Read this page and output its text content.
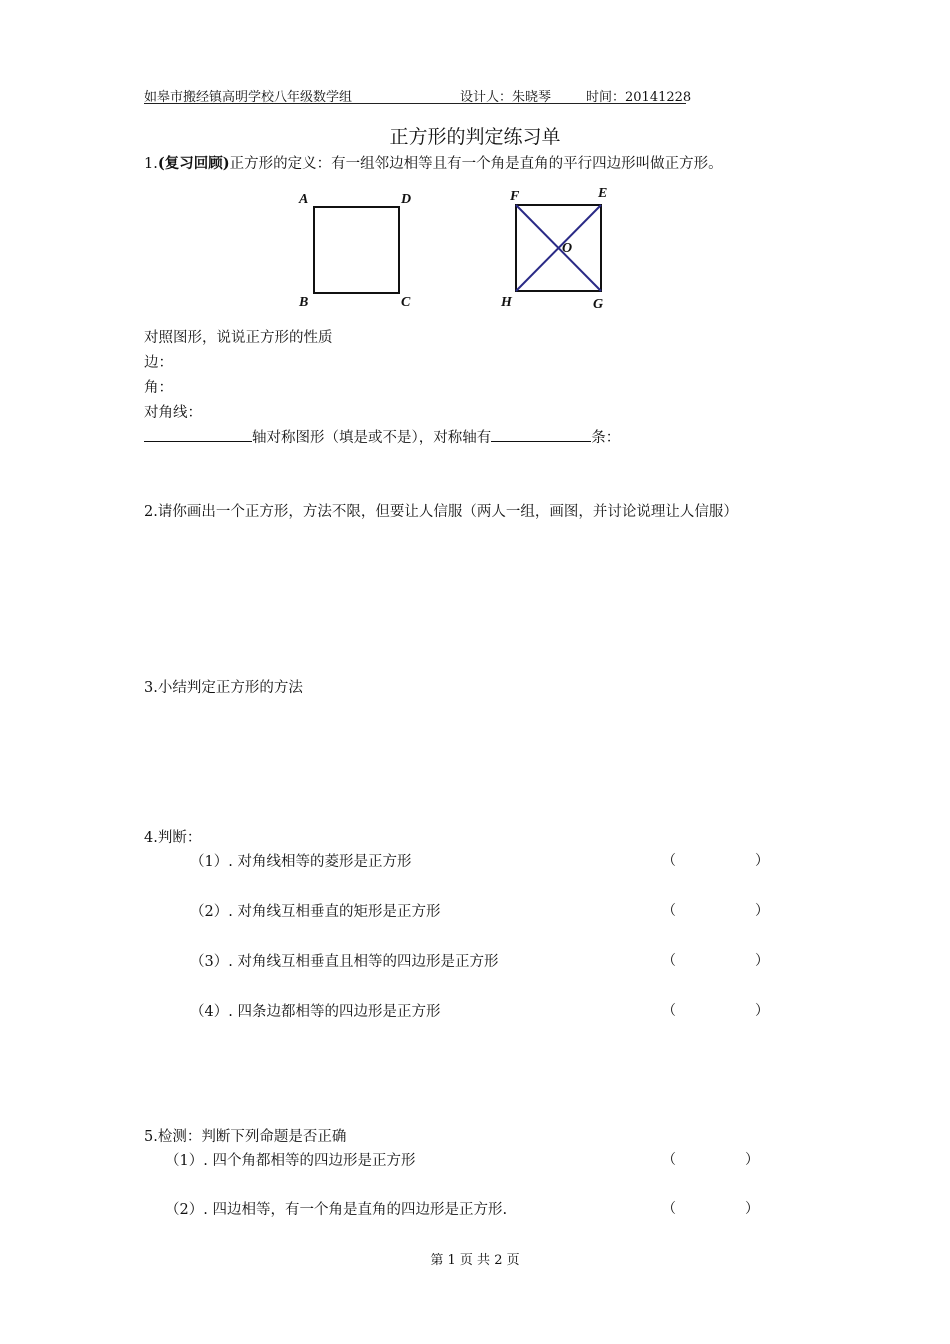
如皋市搬经镇高明学校八年级数学组	设计人：朱晓琴	时间：20141228
正方形的判定练习单
1.(复习回顾)正方形的定义：有一组邻边相等且有一个角是直角的平行四边形叫做正方形。
A	D
B	C
F	E
O
H	G
对照图形，说说正方形的性质
边：
角：
对角线：
轴对称图形（填是或不是），对称轴有	条：
2.请你画出一个正方形，方法不限，但要让人信服（两人一组，画图，并讨论说理让人信服）
3.小结判定正方形的方法
4.判断：
（1）. 对角线相等的菱形是正方形	（	）
（2）. 对角线互相垂直的矩形是正方形	（	）
（3）. 对角线互相垂直且相等的四边形是正方形	（	）
（4）. 四条边都相等的四边形是正方形	（	）
5.检测：判断下列命题是否正确
（1）. 四个角都相等的四边形是正方形	（	）
（2）. 四边相等，有一个角是直角的四边形是正方形.	（	）
第 1 页 共 2 页
